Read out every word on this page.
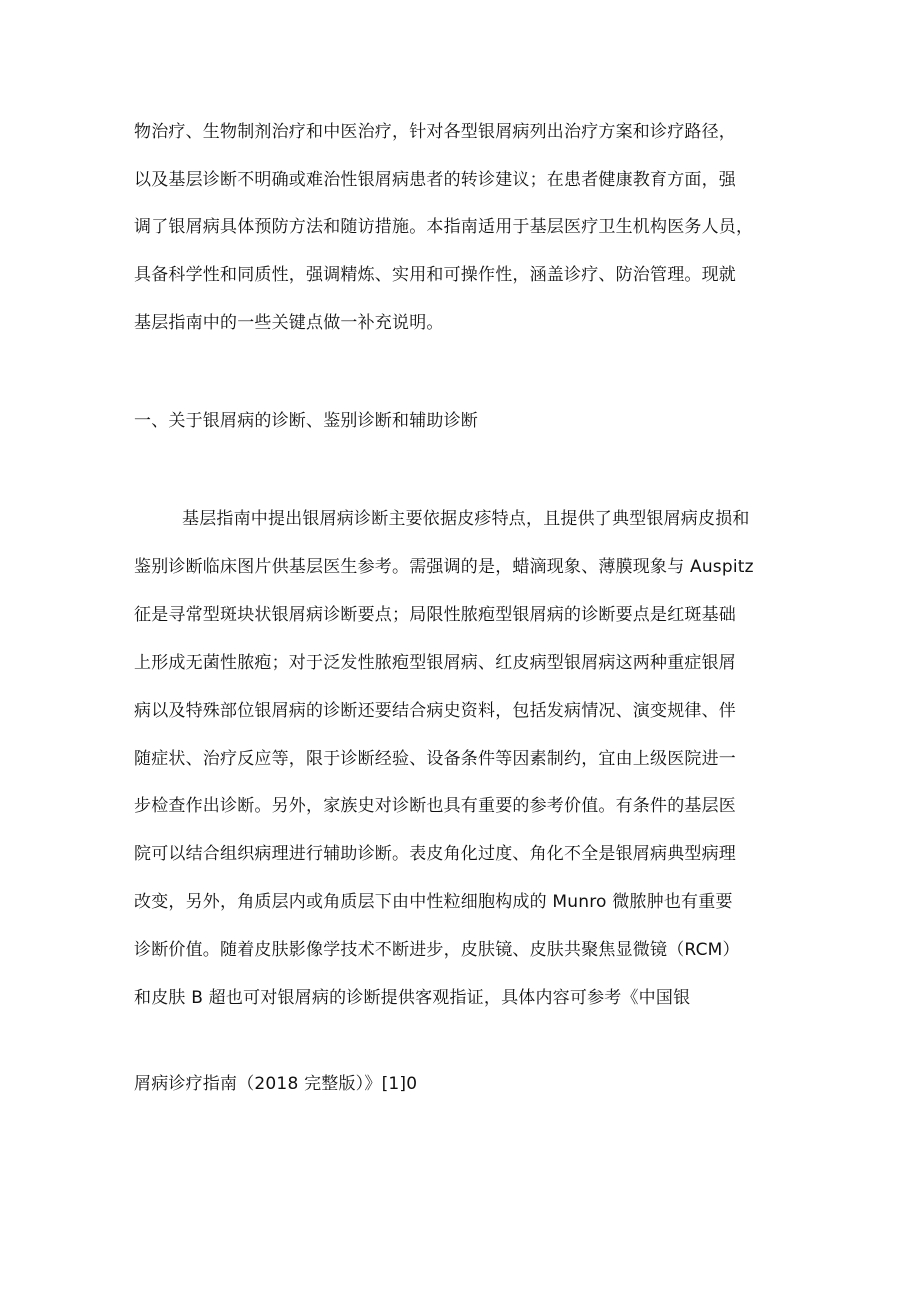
物治疗、生物制剂治疗和中医治疗，针对各型银屑病列出治疗方案和诊疗路径，
以及基层诊断不明确或难治性银屑病患者的转诊建议；在患者健康教育方面，强
调了银屑病具体预防方法和随访措施。本指南适用于基层医疗卫生机构医务人员，
具备科学性和同质性，强调精炼、实用和可操作性，涵盖诊疗、防治管理。现就
基层指南中的一些关键点做一补充说明。
一、关于银屑病的诊断、鉴别诊断和辅助诊断
基层指南中提出银屑病诊断主要依据皮疹特点，且提供了典型银屑病皮损和
鉴别诊断临床图片供基层医生参考。需强调的是，蜡滴现象、薄膜现象与 Auspitz
征是寻常型斑块状银屑病诊断要点；局限性脓疱型银屑病的诊断要点是红斑基础
上形成无菌性脓疱；对于泛发性脓疱型银屑病、红皮病型银屑病这两种重症银屑
病以及特殊部位银屑病的诊断还要结合病史资料，包括发病情况、演变规律、伴
随症状、治疗反应等，限于诊断经验、设备条件等因素制约，宜由上级医院进一
步检查作出诊断。另外，家族史对诊断也具有重要的参考价值。有条件的基层医
院可以结合组织病理进行辅助诊断。表皮角化过度、角化不全是银屑病典型病理
改变，另外，角质层内或角质层下由中性粒细胞构成的 Munro 微脓肿也有重要
诊断价值。随着皮肤影像学技术不断进步，皮肤镜、皮肤共聚焦显微镜（RCM）
和皮肤 B 超也可对银屑病的诊断提供客观指证，具体内容可参考《中国银
屑病诊疗指南（2018 完整版）》[1]0
